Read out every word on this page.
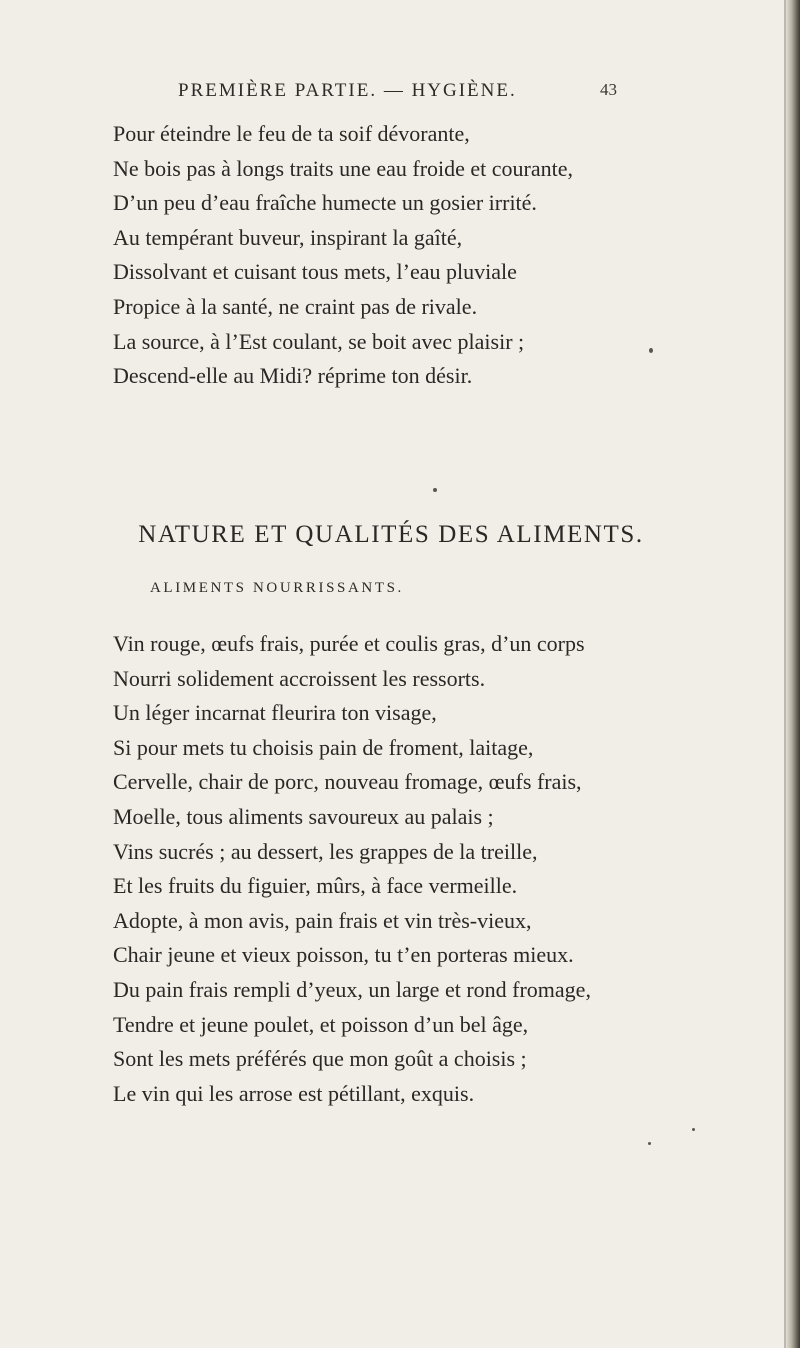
PREMIÈRE PARTIE. — HYGIÈNE.	43
Pour éteindre le feu de ta soif dévorante,
Ne bois pas à longs traits une eau froide et courante,
D’un peu d’eau fraîche humecte un gosier irrité.
Au tempérant buveur, inspirant la gaîté,
Dissolvant et cuisant tous mets, l’eau pluviale
Propice à la santé, ne craint pas de rivale.
La source, à l’Est coulant, se boit avec plaisir ;
Descend-elle au Midi? réprime ton désir.
NATURE ET QUALITÉS DES ALIMENTS.
ALIMENTS NOURRISSANTS.
Vin rouge, œufs frais, purée et coulis gras, d’un corps
Nourri solidement accroissent les ressorts.
Un léger incarnat fleurira ton visage,
Si pour mets tu choisis pain de froment, laitage,
Cervelle, chair de porc, nouveau fromage, œufs frais,
Moelle, tous aliments savoureux au palais ;
Vins sucrés ; au dessert, les grappes de la treille,
Et les fruits du figuier, mûrs, à face vermeille.
Adopte, à mon avis, pain frais et vin très-vieux,
Chair jeune et vieux poisson, tu t’en porteras mieux.
Du pain frais rempli d’yeux, un large et rond fromage,
Tendre et jeune poulet, et poisson d’un bel âge,
Sont les mets préférés que mon goût a choisis ;
Le vin qui les arrose est pétillant, exquis.
